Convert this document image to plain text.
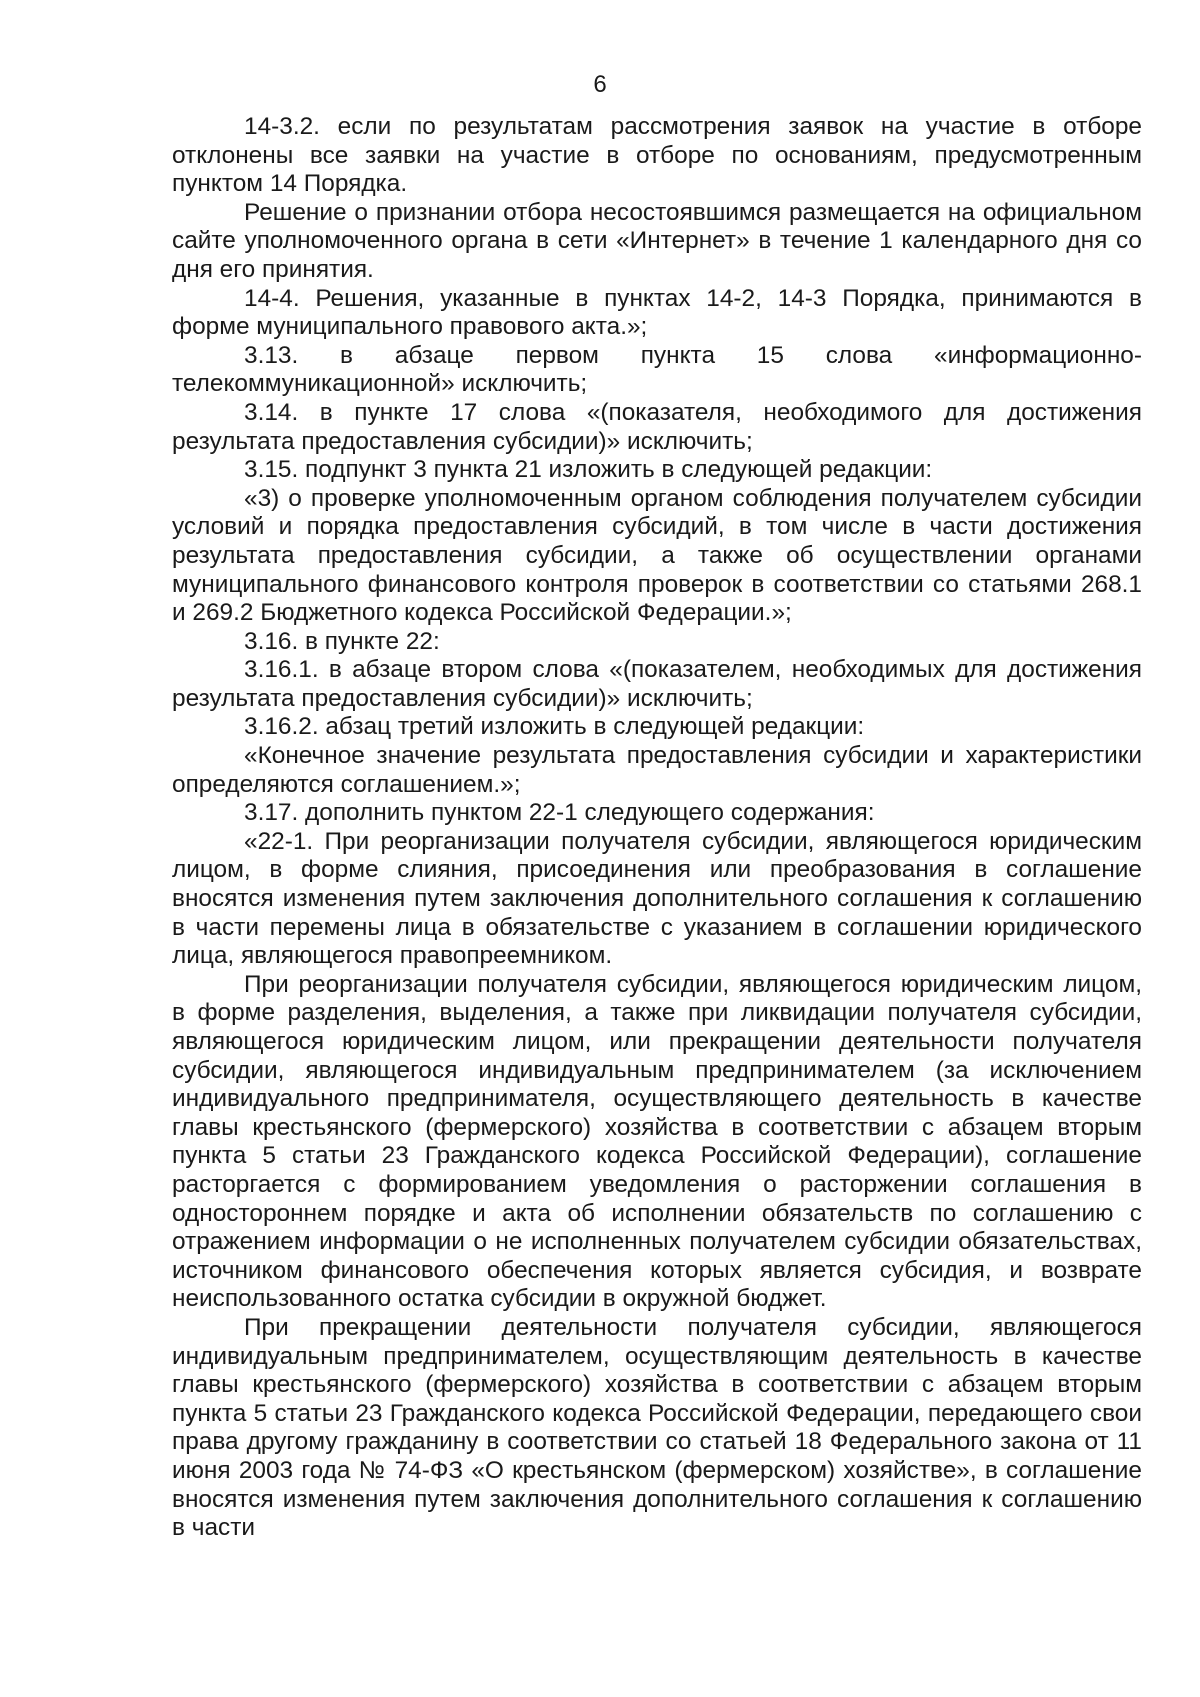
6

14-3.2. если по результатам рассмотрения заявок на участие в отборе отклонены все заявки на участие в отборе по основаниям, предусмотренным пунктом 14 Порядка.

Решение о признании отбора несостоявшимся размещается на официальном сайте уполномоченного органа в сети «Интернет» в течение 1 календарного дня со дня его принятия.

14-4. Решения, указанные в пунктах 14-2, 14-3 Порядка, принимаются в форме муниципального правового акта.»;

3.13. в абзаце первом пункта 15 слова «информационно-телекоммуникационной» исключить;

3.14. в пункте 17 слова «(показателя, необходимого для достижения результата предоставления субсидии)» исключить;

3.15. подпункт 3 пункта 21 изложить в следующей редакции:

«3) о проверке уполномоченным органом соблюдения получателем субсидии условий и порядка предоставления субсидий, в том числе в части достижения результата предоставления субсидии, а также об осуществлении органами муниципального финансового контроля проверок в соответствии со статьями 268.1 и 269.2 Бюджетного кодекса Российской Федерации.»;

3.16. в пункте 22:

3.16.1. в абзаце втором слова «(показателем, необходимых для достижения результата предоставления субсидии)» исключить;

3.16.2. абзац третий изложить в следующей редакции:

«Конечное значение результата предоставления субсидии и характеристики определяются соглашением.»;

3.17. дополнить пунктом 22-1 следующего содержания:

«22-1. При реорганизации получателя субсидии, являющегося юридическим лицом, в форме слияния, присоединения или преобразования в соглашение вносятся изменения путем заключения дополнительного соглашения к соглашению в части перемены лица в обязательстве с указанием в соглашении юридического лица, являющегося правопреемником.

При реорганизации получателя субсидии, являющегося юридическим лицом, в форме разделения, выделения, а также при ликвидации получателя субсидии, являющегося юридическим лицом, или прекращении деятельности получателя субсидии, являющегося индивидуальным предпринимателем (за исключением индивидуального предпринимателя, осуществляющего деятельность в качестве главы крестьянского (фермерского) хозяйства в соответствии с абзацем вторым пункта 5 статьи 23 Гражданского кодекса Российской Федерации), соглашение расторгается с формированием уведомления о расторжении соглашения в одностороннем порядке и акта об исполнении обязательств по соглашению с отражением информации о не исполненных получателем субсидии обязательствах, источником финансового обеспечения которых является субсидия, и возврате неиспользованного остатка субсидии в окружной бюджет.

При прекращении деятельности получателя субсидии, являющегося индивидуальным предпринимателем, осуществляющим деятельность в качестве главы крестьянского (фермерского) хозяйства в соответствии с абзацем вторым пункта 5 статьи 23 Гражданского кодекса Российской Федерации, передающего свои права другому гражданину в соответствии со статьей 18 Федерального закона от 11 июня 2003 года № 74-ФЗ «О крестьянском (фермерском) хозяйстве», в соглашение вносятся изменения путем заключения дополнительного соглашения к соглашению в части
